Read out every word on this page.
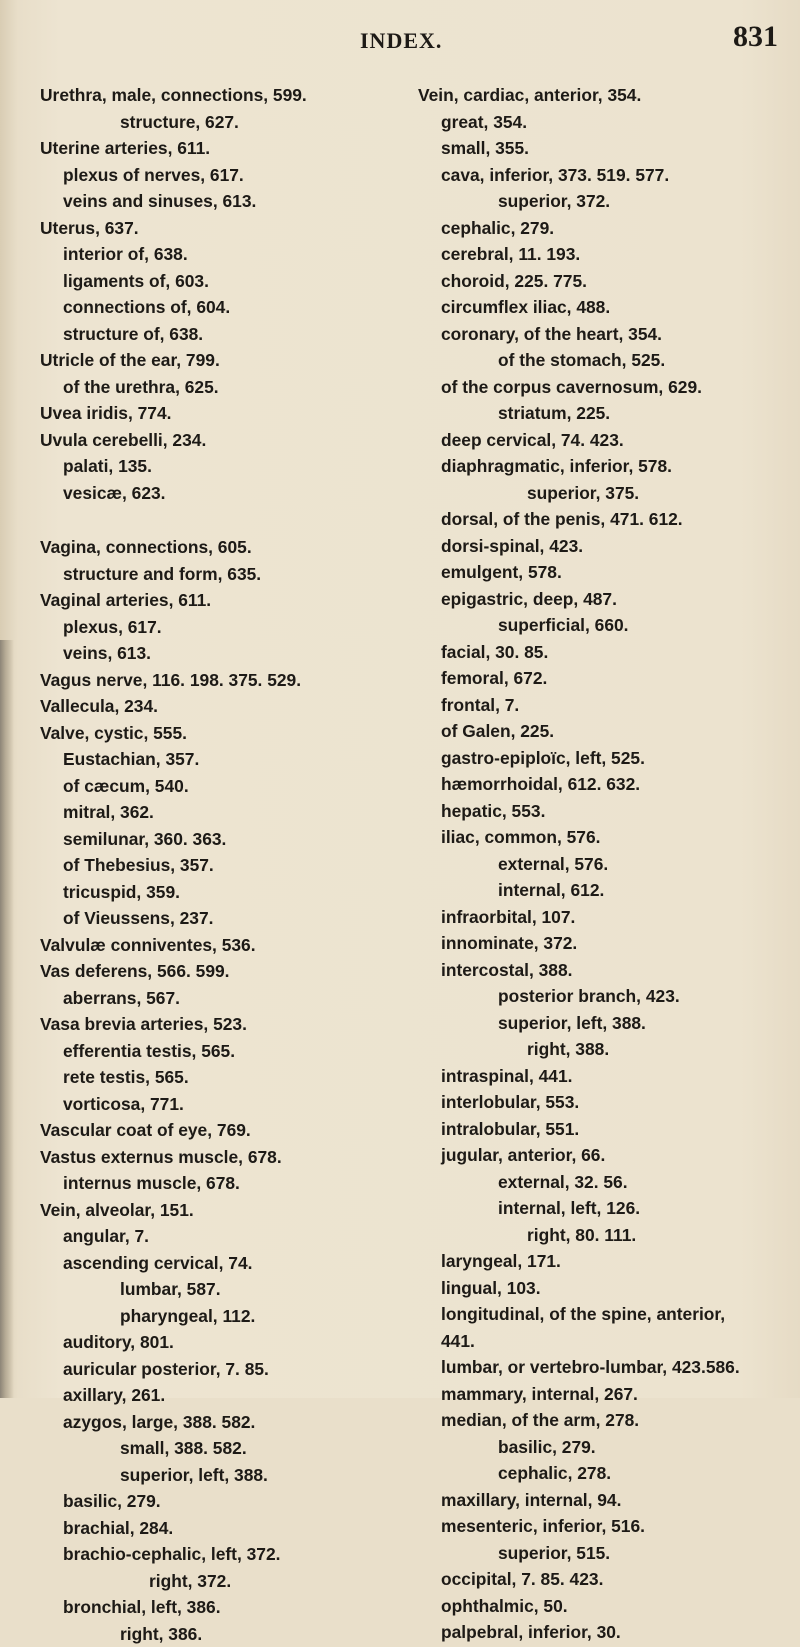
INDEX.	831
Urethra, male, connections, 599.
structure, 627.
Uterine arteries, 611.
plexus of nerves, 617.
veins and sinuses, 613.
Uterus, 637.
interior of, 638.
ligaments of, 603.
connections of, 604.
structure of, 638.
Utricle of the ear, 799.
of the urethra, 625.
Uvea iridis, 774.
Uvula cerebelli, 234.
palati, 135.
vesicæ, 623.
Vagina, connections, 605.
structure and form, 635.
Vaginal arteries, 611.
plexus, 617.
veins, 613.
Vagus nerve, 116. 198. 375. 529.
Vallecula, 234.
Valve, cystic, 555.
Eustachian, 357.
of cæcum, 540.
mitral, 362.
semilunar, 360. 363.
of Thebesius, 357.
tricuspid, 359.
of Vieussens, 237.
Valvulæ conniventes, 536.
Vas deferens, 566. 599.
aberrans, 567.
Vasa brevia arteries, 523.
efferentia testis, 565.
rete testis, 565.
vorticosa, 771.
Vascular coat of eye, 769.
Vastus externus muscle, 678.
internus muscle, 678.
Vein, alveolar, 151.
angular, 7.
ascending cervical, 74.
lumbar, 587.
pharyngeal, 112.
auditory, 801.
auricular posterior, 7. 85.
axillary, 261.
azygos, large, 388. 582.
small, 388. 582.
superior, left, 388.
basilic, 279.
brachial, 284.
brachio-cephalic, left, 372.
right, 372.
bronchial, left, 386.
right, 386.
Vein, cardiac, anterior, 354.
great, 354.
small, 355.
cava, inferior, 373. 519. 577.
superior, 372.
cephalic, 279.
cerebral, 11. 193.
choroid, 225. 775.
circumflex iliac, 488.
coronary, of the heart, 354.
of the stomach, 525.
of the corpus cavernosum, 629.
striatum, 225.
deep cervical, 74. 423.
diaphragmatic, inferior, 578.
superior, 375.
dorsal, of the penis, 471. 612.
dorsi-spinal, 423.
emulgent, 578.
epigastric, deep, 487.
superficial, 660.
facial, 30. 85.
femoral, 672.
frontal, 7.
of Galen, 225.
gastro-epiploïc, left, 525.
hæmorrhoidal, 612. 632.
hepatic, 553.
iliac, common, 576.
external, 576.
internal, 612.
infraorbital, 107.
innominate, 372.
intercostal, 388.
posterior branch, 423.
superior, left, 388.
right, 388.
intraspinal, 441.
interlobular, 553.
intralobular, 551.
jugular, anterior, 66.
external, 32. 56.
internal, left, 126.
right, 80. 111.
laryngeal, 171.
lingual, 103.
longitudinal, of the spine, anterior,
441.
lumbar, or vertebro-lumbar, 423.586.
mammary, internal, 267.
median, of the arm, 278.
basilic, 279.
cephalic, 278.
maxillary, internal, 94.
mesenteric, inferior, 516.
superior, 515.
occipital, 7. 85. 423.
ophthalmic, 50.
palpebral, inferior, 30.
